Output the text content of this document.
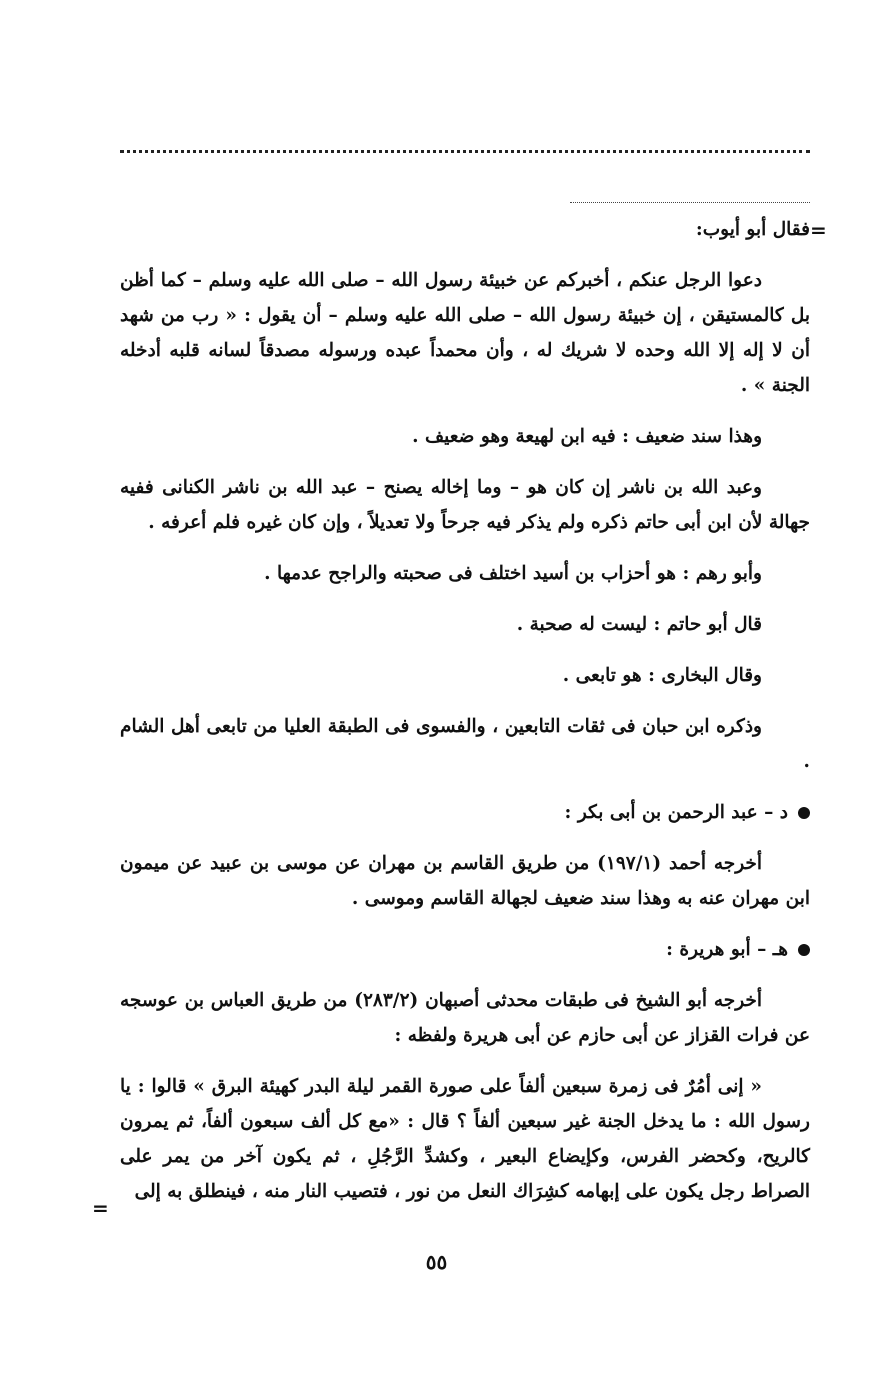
=

فقال أبو أيوب:

دعوا الرجل عنكم ، أخبركم عن خبيئة رسول الله – صلى الله عليه وسلم – كما أظن بل كالمستيقن ، إن خبيئة رسول الله – صلى الله عليه وسلم – أن يقول : « رب من شهد أن لا إله إلا الله وحده لا شريك له ، وأن محمداً عبده ورسوله مصدقاً لسانه قلبه أدخله الجنة » .

وهذا سند ضعيف : فيه ابن لهيعة وهو ضعيف .

وعبد الله بن ناشر إن كان هو – وما إخاله يصنح – عبد الله بن ناشر الكنانى ففيه جهالة لأن ابن أبى حاتم ذكره ولم يذكر فيه جرحاً ولا تعديلاً ، وإن كان غيره فلم أعرفه .

وأبو رهم : هو أحزاب بن أسيد اختلف فى صحبته والراجح عدمها .

قال أبو حاتم : ليست له صحبة .

وقال البخارى : هو تابعى .

وذكره ابن حبان فى ثقات التابعين ، والفسوى فى الطبقة العليا من تابعى أهل الشام .

د – عبد الرحمن بن أبى بكر :

أخرجه أحمد (١٩٧/١) من طريق القاسم بن مهران عن موسى بن عبيد عن ميمون ابن مهران عنه به وهذا سند ضعيف لجهالة القاسم وموسى .

هـ – أبو هريرة :

أخرجه أبو الشيخ فى طبقات محدثى أصبهان (٢٨٣/٢) من طريق العباس بن عوسجه عن فرات القزاز عن أبى حازم عن أبى هريرة ولفظه :

« إنى أمُرٌ فى زمرة سبعين ألفاً على صورة القمر ليلة البدر كهيئة البرق » قالوا : يا رسول الله : ما يدخل الجنة غير سبعين ألفاً ؟ قال : «مع كل ألف سبعون ألفاً، ثم يمرون كالريح، وكحضر الفرس، وكإيضاع البعير ، وكشدِّ الرَّجُلِ ، ثم يكون آخر من يمر على الصراط رجل يكون على إبهامه كشِرَاك النعل من نور ، فتصيب النار منه ، فينطلق به إلى

=
٥٥
